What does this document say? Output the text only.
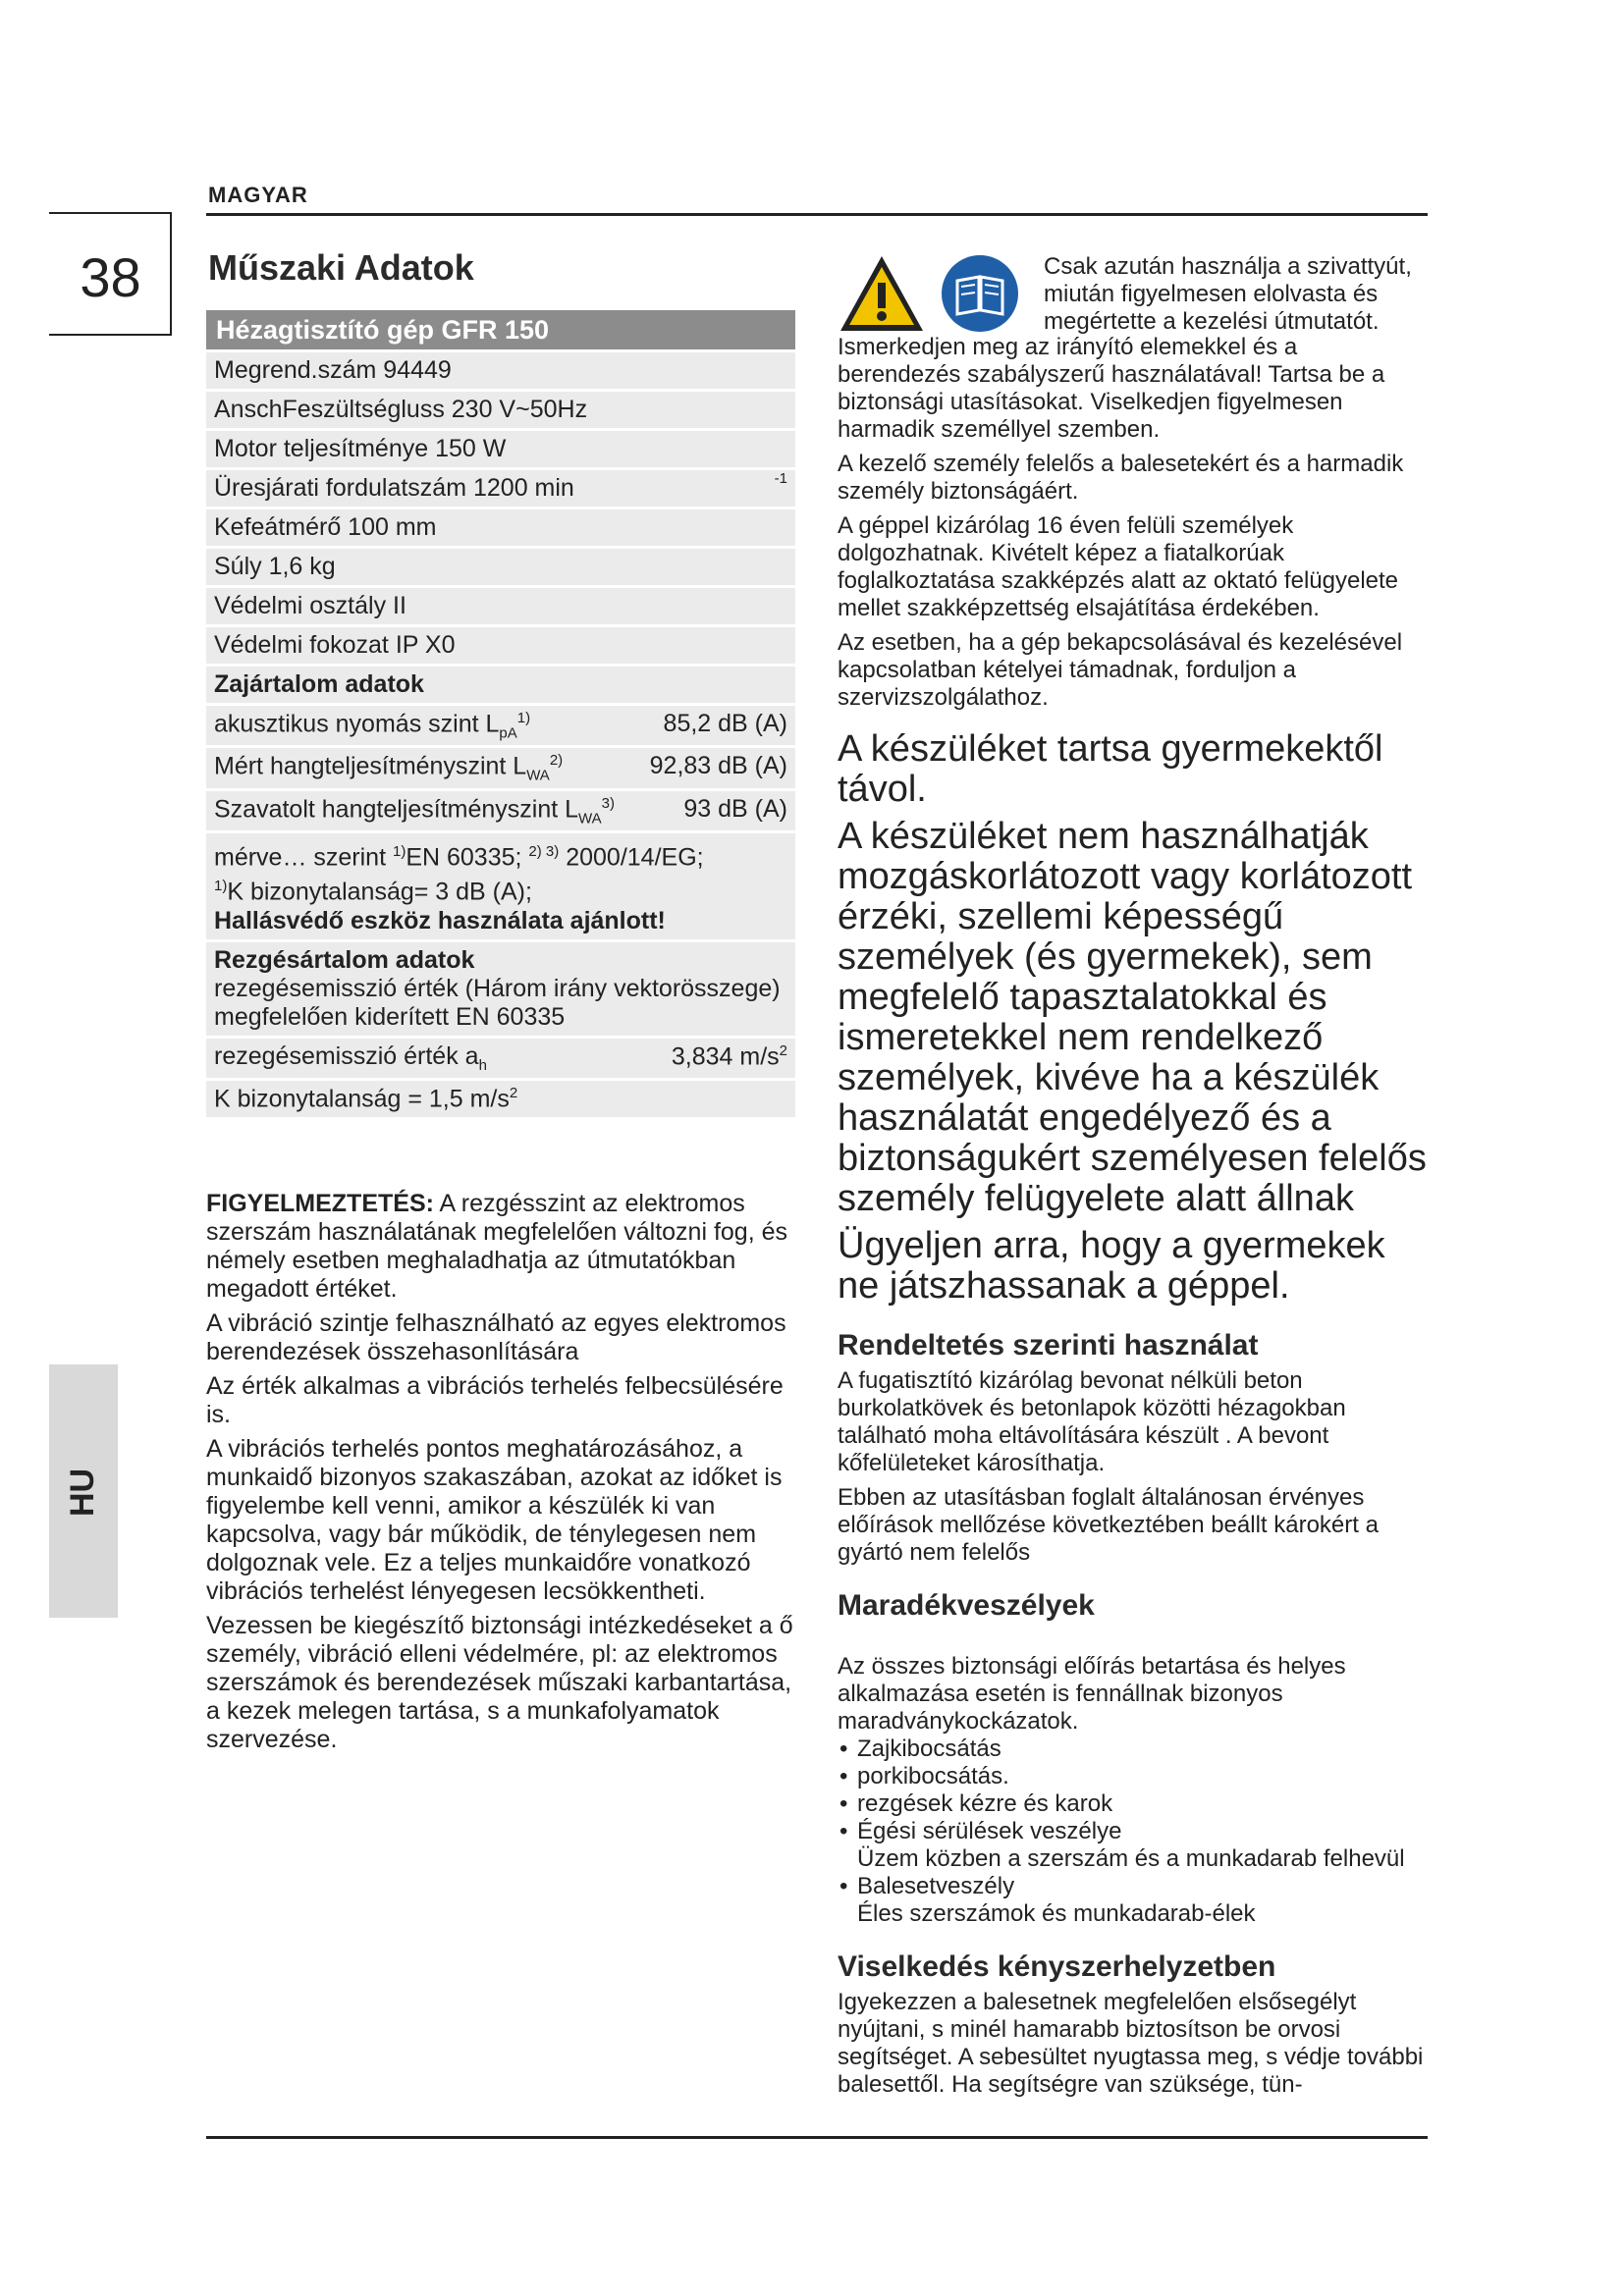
MAGYAR
38
HU
Műszaki Adatok
Hézagtisztító gép GFR 150
Megrend.szám 94449
AnschFeszültségluss 230 V~50Hz
Motor teljesítménye 150 W
Üresjárati fordulatszám 1200 min	-1
Kefeátmérő 100 mm
Súly 1,6 kg
Védelmi osztály II
Védelmi fokozat IP X0
Zajártalom adatok
akusztikus nyomás szint $L_{pA}^{1)}$	85,2 dB (A)
Mért hangteljesítményszint $L_{WA}^{2)}$	92,83 dB (A)
Szavatolt hangteljesítményszint $L_{WA}^{3)}$	93 dB (A)
mérve… szerint $^{1)}$EN 60335; $^{2) 3)}$ 2000/14/EG;
$^{1)}$K bizonytalanság= 3 dB (A);
Hallásvédő eszköz használata ajánlott!
Rezgésártalom adatok
rezegésemisszió érték (Három irány vektorösszege) megfelelően kiderített EN 60335
rezegésemisszió érték $a_h$	3,834 $m/s^2$
K bizonytalanság = 1,5 $m/s^2$

FIGYELMEZTETÉS: A rezgésszint az elektromos szerszám használatának megfelelően változni fog, és némely esetben meghaladhatja az útmutatókban megadott értéket.

A vibráció szintje felhasználható az egyes elektromos berendezések összehasonlítására

Az érték alkalmas a vibrációs terhelés felbecsülésére is.

A vibrációs terhelés pontos meghatározásához, a munkaidő bizonyos szakaszában, azokat az időket is figyelembe kell venni, amikor a készülék ki van kapcsolva, vagy bár működik, de ténylegesen nem dolgoznak vele. Ez a teljes munkaidőre vonatkozó vibrációs terhelést lényegesen lecsökkentheti.

Vezessen be kiegészítő biztonsági intézkedéseket a ő személy, vibráció elleni védelmére, pl: az elektromos szerszámok és berendezések műszaki karbantartása, a kezek melegen tartása, s a munkafolyamatok szervezése.

Csak azután használja a szivattyút, miután figyelmesen elolvasta és megértette a kezelési útmutatót.

Ismerkedjen meg az irányító elemekkel és a berendezés szabályszerű használatával! Tartsa be a biztonsági utasításokat. Viselkedjen figyelmesen harmadik személlyel szemben.

A kezelő személy felelős a balesetekért és a harmadik személy biztonságáért.

A géppel kizárólag 16 éven felüli személyek dolgozhatnak. Kivételt képez a fiatalkorúak foglalkoztatása szakképzés alatt az oktató felügyelete mellet szakképzettség elsajátítása érdekében.

Az esetben, ha a gép bekapcsolásával és kezelésével kapcsolatban kételyei támadnak, forduljon a szervizszolgálathoz.

A készüléket tartsa gyermekektől távol.

A készüléket nem használhatják mozgáskorlátozott vagy korlátozott érzéki, szellemi képességű személyek (és gyermekek), sem megfelelő tapasztalatokkal és ismeretekkel nem rendelkező személyek, kivéve ha a készülék használatát engedélyező és a biztonságukért személyesen felelős személy felügyelete alatt állnak

Ügyeljen arra, hogy a gyermekek ne játszhassanak a géppel.

Rendeltetés szerinti használat

A fugatisztító kizárólag bevonat nélküli beton burkolatkövek és betonlapok közötti hézagokban található moha eltávolítására készült . A bevont kőfelületeket károsíthatja.

Ebben az utasításban foglalt általánosan érvényes előírások mellőzése következtében beállt károkért a gyártó nem felelős

Maradékveszélyek

Az összes biztonsági előírás betartása és helyes alkalmazása esetén is fennállnak bizonyos maradványkockázatok.

• Zajkibocsátás
• porkibocsátás.
• rezgések kézre és karok
• Égési sérülések veszélye
Üzem közben a szerszám és a munkadarab felhevül
• Balesetveszély
Éles szerszámok és munkadarab-élek
Viselkedés kényszerhelyzetben

Igyekezzen a balesetnek megfelelően elsősegélyt nyújtani, s minél hamarabb biztosítson be orvosi segítséget. A sebesültet nyugtassa meg, s védje további balesettől. Ha segítségre van szüksége, tün-
